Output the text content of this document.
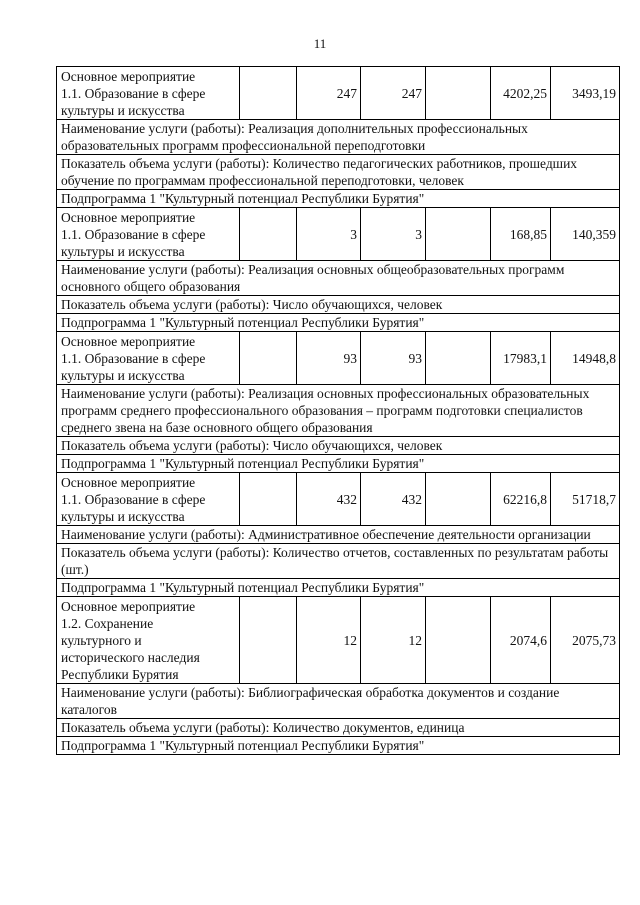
11
Основное мероприятие
1.1. Образование в сфере
культуры и искусства		247	247		4202,25	3493,19
Наименование услуги (работы): Реализация дополнительных профессиональных образовательных программ профессиональной переподготовки						
Показатель объема услуги (работы): Количество педагогических работников, прошедших обучение по программам профессиональной переподготовки, человек						
Подпрограмма 1 "Культурный потенциал Республики Бурятия"						
Основное мероприятие
1.1. Образование в сфере
культуры и искусства		3	3		168,85	140,359
Наименование услуги (работы): Реализация основных общеобразовательных программ основного общего образования						
Показатель объема услуги (работы): Число обучающихся, человек						
Подпрограмма 1 "Культурный потенциал Республики Бурятия"						
Основное мероприятие
1.1. Образование в сфере
культуры и искусства		93	93		17983,1	14948,8
Наименование услуги (работы): Реализация основных профессиональных образовательных программ среднего профессионального образования – программ подготовки специалистов среднего звена на базе основного общего образования						
Показатель объема услуги (работы): Число обучающихся, человек						
Подпрограмма 1 "Культурный потенциал Республики Бурятия"						
Основное мероприятие
1.1. Образование в сфере
культуры и искусства		432	432		62216,8	51718,7
Наименование услуги (работы): Административное обеспечение деятельности организации						
Показатель объема услуги (работы): Количество отчетов, составленных по результатам работы (шт.)						
Подпрограмма 1 "Культурный потенциал Республики Бурятия"						
Основное мероприятие
1.2. Сохранение
культурного и
исторического наследия
Республики Бурятия		12	12		2074,6	2075,73
Наименование услуги (работы): Библиографическая обработка документов и создание каталогов						
Показатель объема услуги (работы): Количество документов, единица						
Подпрограмма 1 "Культурный потенциал Республики Бурятия"						
